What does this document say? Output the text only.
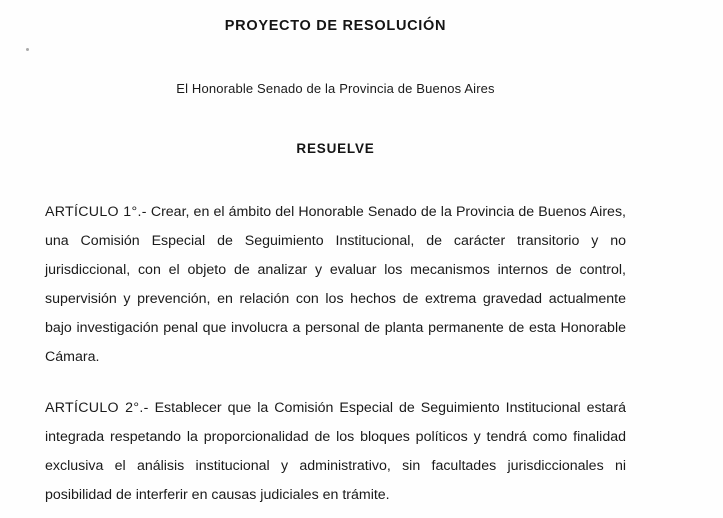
PROYECTO DE RESOLUCIÓN

El Honorable Senado de la Provincia de Buenos Aires

RESUELVE

ARTÍCULO 1°.- Crear, en el ámbito del Honorable Senado de la Provincia de Buenos Aires, una Comisión Especial de Seguimiento Institucional, de carácter transitorio y no jurisdiccional, con el objeto de analizar y evaluar los mecanismos internos de control, supervisión y prevención, en relación con los hechos de extrema gravedad actualmente bajo investigación penal que involucra a personal de planta permanente de esta Honorable Cámara.

ARTÍCULO 2°.- Establecer que la Comisión Especial de Seguimiento Institucional estará integrada respetando la proporcionalidad de los bloques políticos y tendrá como finalidad exclusiva el análisis institucional y administrativo, sin facultades jurisdiccionales ni posibilidad de interferir en causas judiciales en trámite.
